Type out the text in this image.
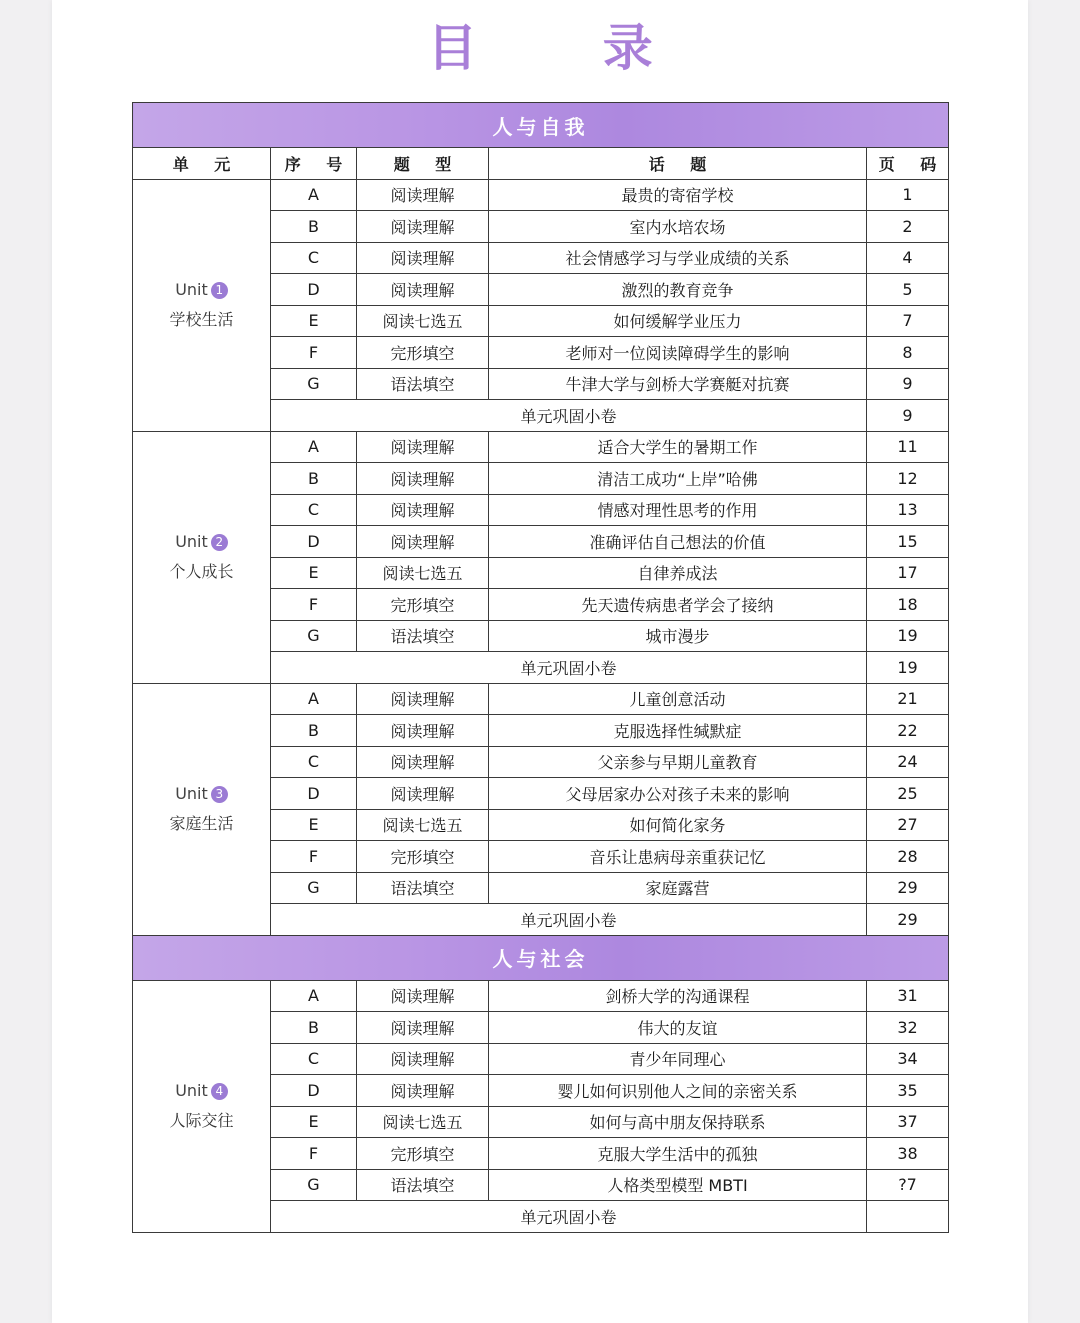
目 录
人与自我				
单 元	序 号	题 型	话 题	页 码

Unit 1
学校生活	A	阅读理解	最贵的寄宿学校	1
	B	阅读理解	室内水培农场	2
	C	阅读理解	社会情感学习与学业成绩的关系	4
	D	阅读理解	激烈的教育竞争	5
	E	阅读七选五	如何缓解学业压力	7
	F	完形填空	老师对一位阅读障碍学生的影响	8
	G	语法填空	牛津大学与剑桥大学赛艇对抗赛	9
	单元巩固小卷			9

Unit 2
个人成长	A	阅读理解	适合大学生的暑期工作	11
	B	阅读理解	清洁工成功“上岸”哈佛	12
	C	阅读理解	情感对理性思考的作用	13
	D	阅读理解	准确评估自己想法的价值	15
	E	阅读七选五	自律养成法	17
	F	完形填空	先天遗传病患者学会了接纳	18
	G	语法填空	城市漫步	19
	单元巩固小卷			19

Unit 3
家庭生活	A	阅读理解	儿童创意活动	21
	B	阅读理解	克服选择性缄默症	22
	C	阅读理解	父亲参与早期儿童教育	24
	D	阅读理解	父母居家办公对孩子未来的影响	25
	E	阅读七选五	如何简化家务	27
	F	完形填空	音乐让患病母亲重获记忆	28
	G	语法填空	家庭露营	29
	单元巩固小卷			29
人与社会				

Unit 4
人际交往	A	阅读理解	剑桥大学的沟通课程	31
	B	阅读理解	伟大的友谊	32
	C	阅读理解	青少年同理心	34
	D	阅读理解	婴儿如何识别他人之间的亲密关系	35
	E	阅读七选五	如何与高中朋友保持联系	37
	F	完形填空	克服大学生活中的孤独	38
	G	语法填空	人格类型模型 MBTI	?7
	单元巩固小卷			
